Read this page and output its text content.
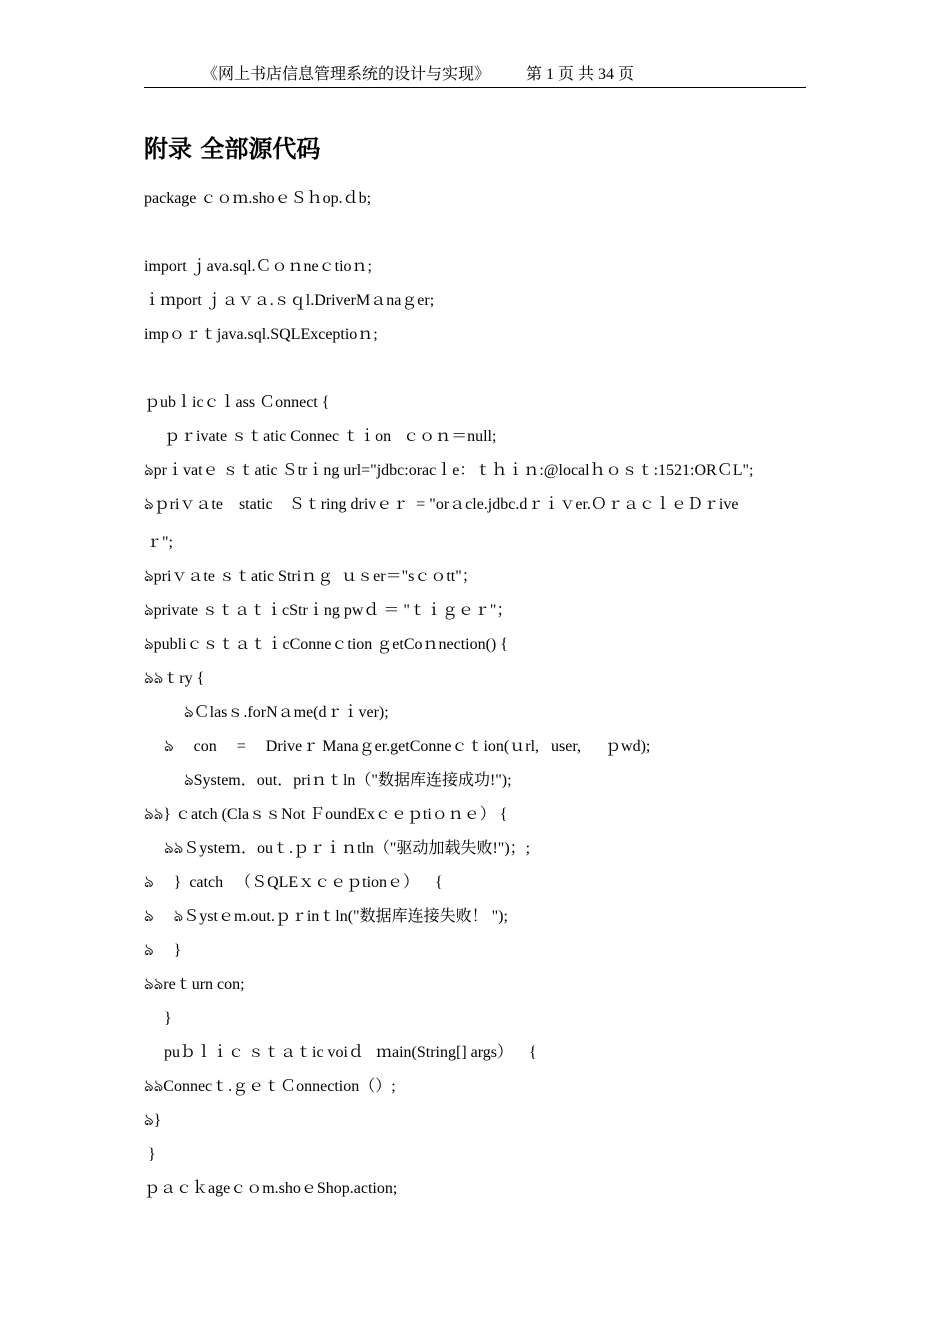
《网上书店信息管理系统的设计与实现》 第 1 页 共 34 页
附录 全部源代码
package ｃｏｍ.shoｅＳｈop.ｄb;
import ｊava.sql.Ｃｏｎneｃtioｎ;
ｉｍport ｊａｖａ.ｓｑl.DriverMａnaｇer;
impｏｒｔjava.sql.SQLExceptioｎ;
ｐubｌicｃｌass Ｃonnect {
ｐｒivate ｓｔatic Connec ｔｉon   ｃｏｎ＝null;
ঌprｉvatｅ ｓｔatic Ｓtrｉng url="jdbc:oracｌe：ｔｈｉｎ:@localｈｏｓｔ:1521:ORＣL";
ঌｐriｖａte    static    Ｓｔring drivｅｒ  = "orａcle.jdbc.dｒｉｖer.ＯｒａｃｌｅＤｒive
ｒ";
ঌpriｖａte ｓｔatic Striｎｇ  ｕｓer＝"sｃｏtt"；
ঌprivate ｓｔａｔｉcStrｉng pwｄ ＝ "ｔｉｇｅｒ"；
ঌpubliｃｓｔａｔｉcConneｃtion ｇetCoｎnection() {
ঌঌｔry {
ঌＣlasｓ.forNａme(dｒｉver);
ঌ     con     =     Driveｒ Manaｇer.getConneｃｔion(ｕrl,   user,      ｐwd);
ঌSystem．out．priｎｔln（"数据库连接成功!");
ঌঌ} ｃatch (ClaｓｓNot ＦoundExｃｅｐtiｏｎｅ） {
ঌঌＳysteｍ．ouｔ.ｐｒｉｎtln（"驱动加载失败!")；;
ঌ     }  catch   （ＳQLEｘｃｅｐtionｅ）    {
ঌ     ঌＳystｅm.out.ｐｒinｔln("数据库连接失败！ ");
ঌ     }
ঌঌreｔurn con;
}
puｂｌｉｃ ｓｔａｔic voiｄ   ｍain(String[] args）    {
ঌঌConnecｔ.ｇｅｔＣonnection（）;
ঌ}
}
ｐａｃｋageｃｏm.shoｅShop.action;
